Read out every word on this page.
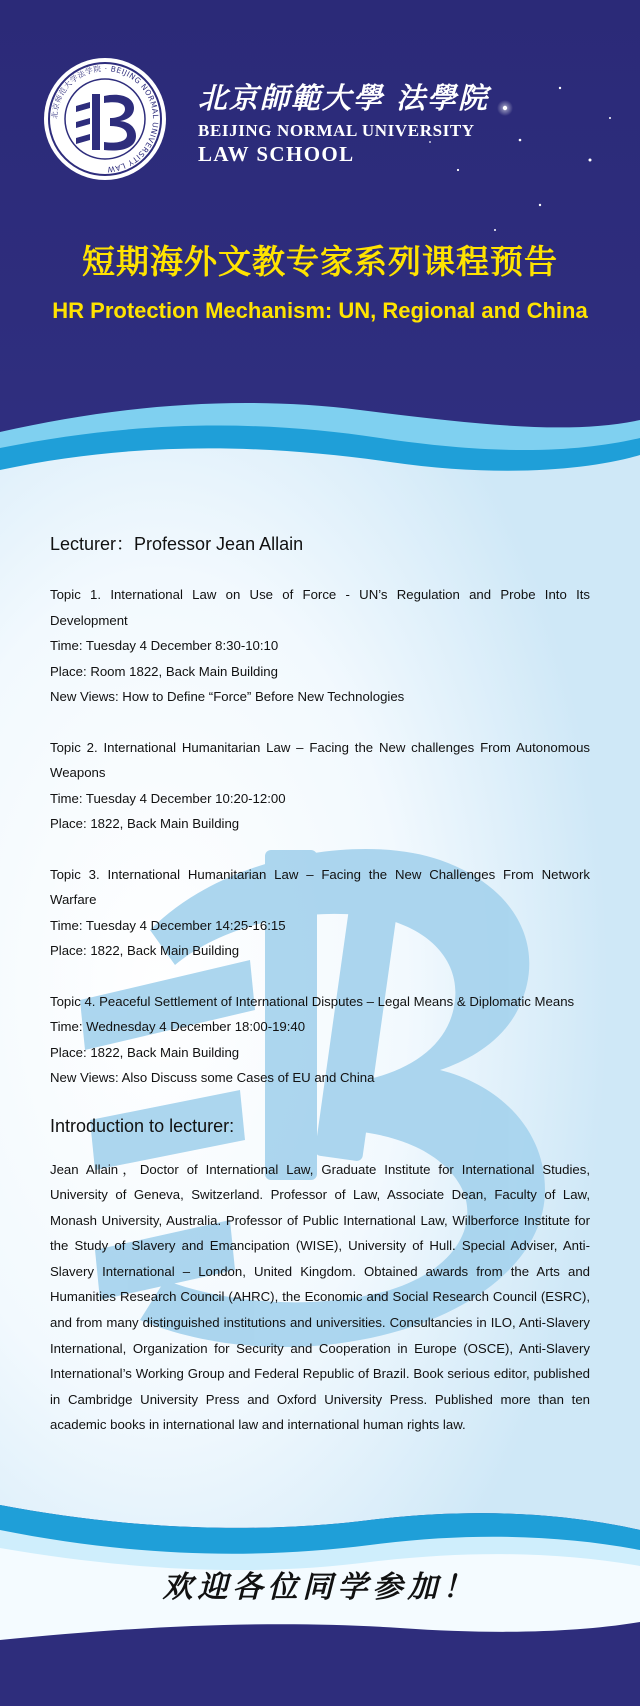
北京师范大学法学院 · BEIJING NORMAL UNIVERSITY LAW
北京師範大學 法學院
BEIJING NORMAL UNIVERSITY
LAW SCHOOL
短期海外文教专家系列课程预告
HR Protection Mechanism: UN, Regional and China
Lecturer：Professor Jean Allain

Topic 1. International Law on Use of Force - UN’s Regulation and Probe Into Its Development

Time: Tuesday 4 December 8:30-10:10

Place: Room 1822, Back Main Building

New Views: How to Define “Force” Before New Technologies

Topic 2. International Humanitarian Law – Facing the New challenges From Autonomous Weapons

Time: Tuesday 4 December 10:20-12:00

Place: 1822, Back Main Building

Topic 3. International Humanitarian Law – Facing the New Challenges From Network Warfare

Time: Tuesday 4 December 14:25-16:15

Place: 1822, Back Main Building

Topic 4. Peaceful Settlement of International Disputes – Legal Means & Diplomatic Means

Time: Wednesday 4 December 18:00-19:40

Place: 1822, Back Main Building

New Views: Also Discuss some Cases of EU and China

Introduction to lecturer:

Jean Allain，Doctor of International Law, Graduate Institute for International Studies, University of Geneva, Switzerland. Professor of Law, Associate Dean, Faculty of Law, Monash University, Australia. Professor of Public International Law, Wilberforce Institute for the Study of Slavery and Emancipation (WISE), University of Hull. Special Adviser, Anti-Slavery International – London, United Kingdom. Obtained awards from the Arts and Humanities Research Council (AHRC), the Economic and Social Research Council (ESRC), and from many distinguished institutions and universities. Consultancies in ILO, Anti-Slavery International, Organization for Security and Cooperation in Europe (OSCE), Anti-Slavery International’s Working Group and Federal Republic of Brazil. Book serious editor, published in Cambridge University Press and Oxford University Press. Published more than ten academic books in international law and international human rights law.

欢迎各位同学参加！
